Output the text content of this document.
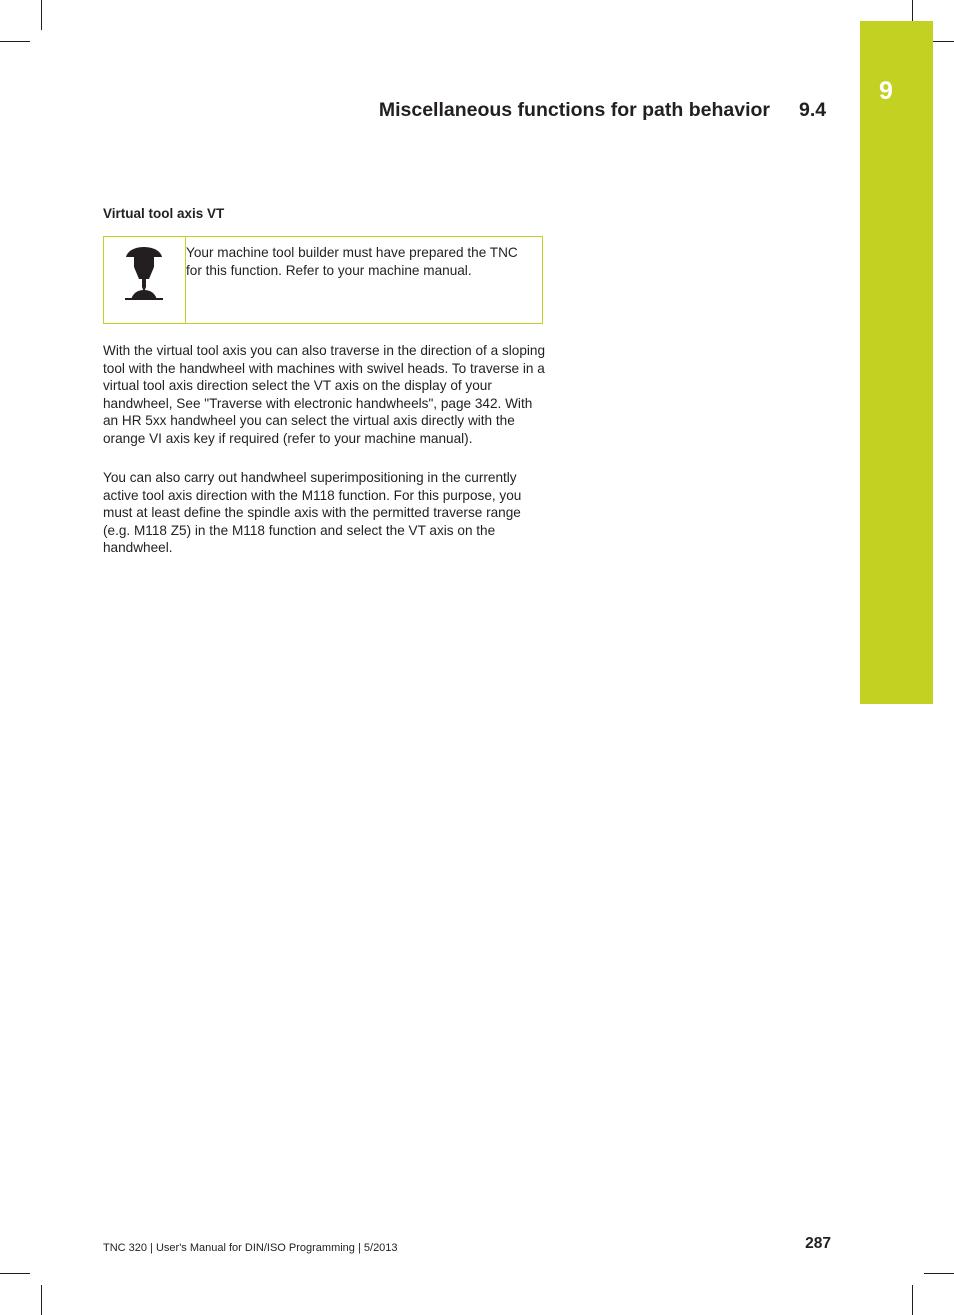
9
Miscellaneous functions for path behavior 9.4
Virtual tool axis VT
Your machine tool builder must have prepared the TNC for this function. Refer to your machine manual.

With the virtual tool axis you can also traverse in the direction of a sloping tool with the handwheel with machines with swivel heads. To traverse in a virtual tool axis direction select the VT axis on the display of your handwheel, See "Traverse with electronic handwheels", page 342. With an HR 5xx handwheel you can select the virtual axis directly with the orange VI axis key if required (refer to your machine manual).

You can also carry out handwheel superimpositioning in the currently active tool axis direction with the M118 function. For this purpose, you must at least define the spindle axis with the permitted traverse range (e.g. M118 Z5) in the M118 function and select the VT axis on the handwheel.

TNC 320 | User's Manual for DIN/ISO Programming | 5/2013	287
